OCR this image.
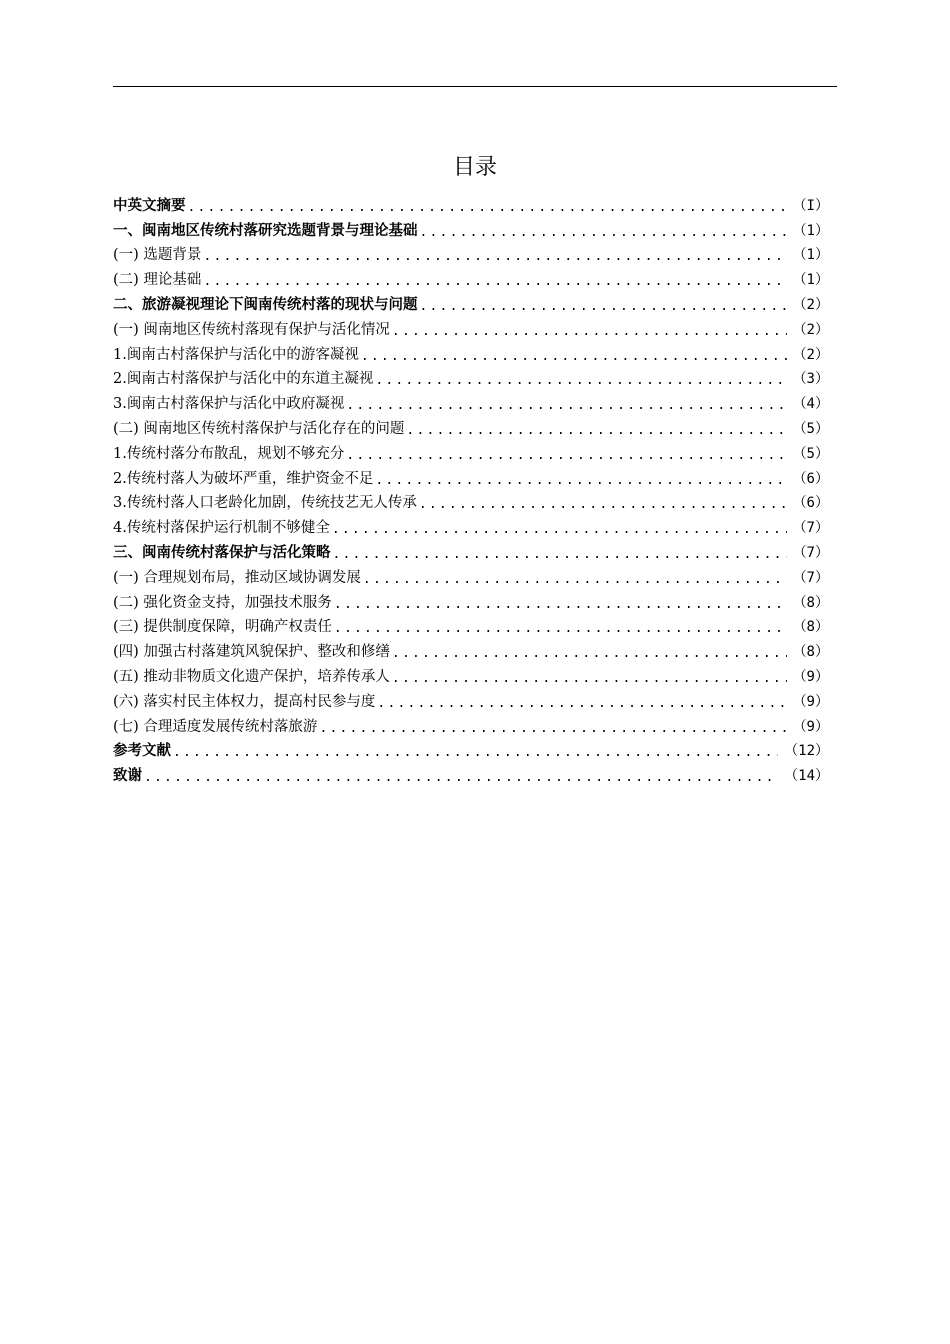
目录
中英文摘要 .....	（I）
一、闽南地区传统村落研究选题背景与理论基础 .....	（1）
(一) 选题背景 .....	（1）
(二) 理论基础 .....	（1）
二、旅游凝视理论下闽南传统村落的现状与问题 .....	（2）
(一) 闽南地区传统村落现有保护与活化情况 .....	（2）
1.闽南古村落保护与活化中的游客凝视 .....	（2）
2.闽南古村落保护与活化中的东道主凝视 .....	（3）
3.闽南古村落保护与活化中政府凝视 .....	（4）
(二) 闽南地区传统村落保护与活化存在的问题 .....	（5）
1.传统村落分布散乱，规划不够充分 .....	（5）
2.传统村落人为破坏严重，维护资金不足 .....	（6）
3.传统村落人口老龄化加剧，传统技艺无人传承 .....	（6）
4.传统村落保护运行机制不够健全 .....	（7）
三、闽南传统村落保护与活化策略 .....	（7）
(一) 合理规划布局，推动区域协调发展 .....	（7）
(二) 强化资金支持，加强技术服务 .....	（8）
(三) 提供制度保障，明确产权责任 .....	（8）
(四) 加强古村落建筑风貌保护、整改和修缮 .....	（8）
(五) 推动非物质文化遗产保护，培养传承人 .....	（9）
(六) 落实村民主体权力，提高村民参与度 .....	（9）
(七) 合理适度发展传统村落旅游 .....	（9）
参考文献 .....	（12）
致谢 .....	（14）
